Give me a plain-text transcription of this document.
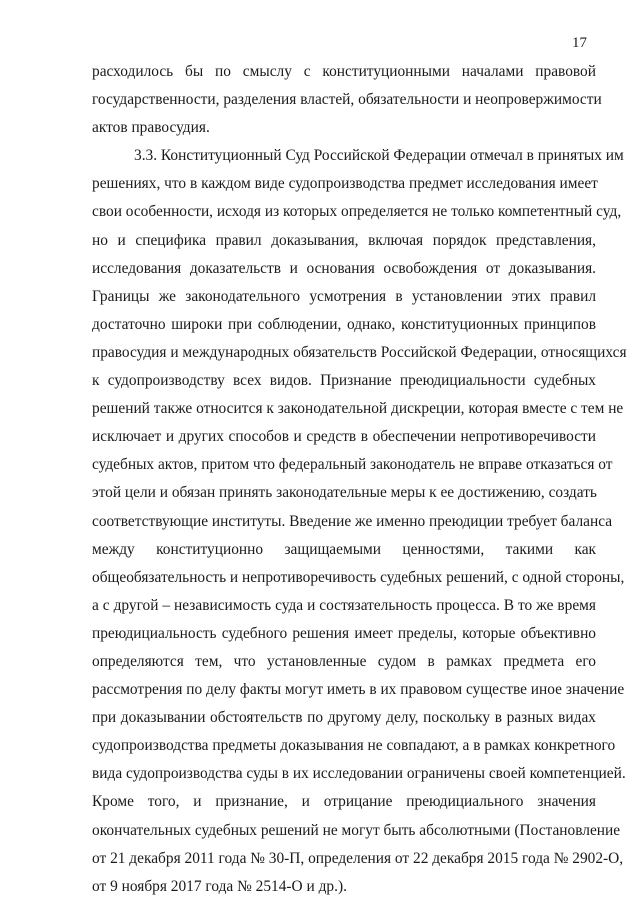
17
расходилось бы по смыслу с конституционными началами правовой
государственности, разделения властей, обязательности и неопровержимости
актов правосудия.
3.3. Конституционный Суд Российской Федерации отмечал в принятых им
решениях, что в каждом виде судопроизводства предмет исследования имеет
свои особенности, исходя из которых определяется не только компетентный суд,
но и специфика правил доказывания, включая порядок представления,
исследования доказательств и основания освобождения от доказывания.
Границы же законодательного усмотрения в установлении этих правил
достаточно широки при соблюдении, однако, конституционных принципов
правосудия и международных обязательств Российской Федерации, относящихся
к судопроизводству всех видов. Признание преюдициальности судебных
решений также относится к законодательной дискреции, которая вместе с тем не
исключает и других способов и средств в обеспечении непротиворечивости
судебных актов, притом что федеральный законодатель не вправе отказаться от
этой цели и обязан принять законодательные меры к ее достижению, создать
соответствующие институты. Введение же именно преюдиции требует баланса
между конституционно защищаемыми ценностями, такими как
общеобязательность и непротиворечивость судебных решений, с одной стороны,
а с другой – независимость суда и состязательность процесса. В то же время
преюдициальность судебного решения имеет пределы, которые объективно
определяются тем, что установленные судом в рамках предмета его
рассмотрения по делу факты могут иметь в их правовом существе иное значение
при доказывании обстоятельств по другому делу, поскольку в разных видах
судопроизводства предметы доказывания не совпадают, а в рамках конкретного
вида судопроизводства суды в их исследовании ограничены своей компетенцией.
Кроме того, и признание, и отрицание преюдициального значения
окончательных судебных решений не могут быть абсолютными (Постановление
от 21 декабря 2011 года № 30-П, определения от 22 декабря 2015 года № 2902-О,
от 9 ноября 2017 года № 2514-О и др.).
